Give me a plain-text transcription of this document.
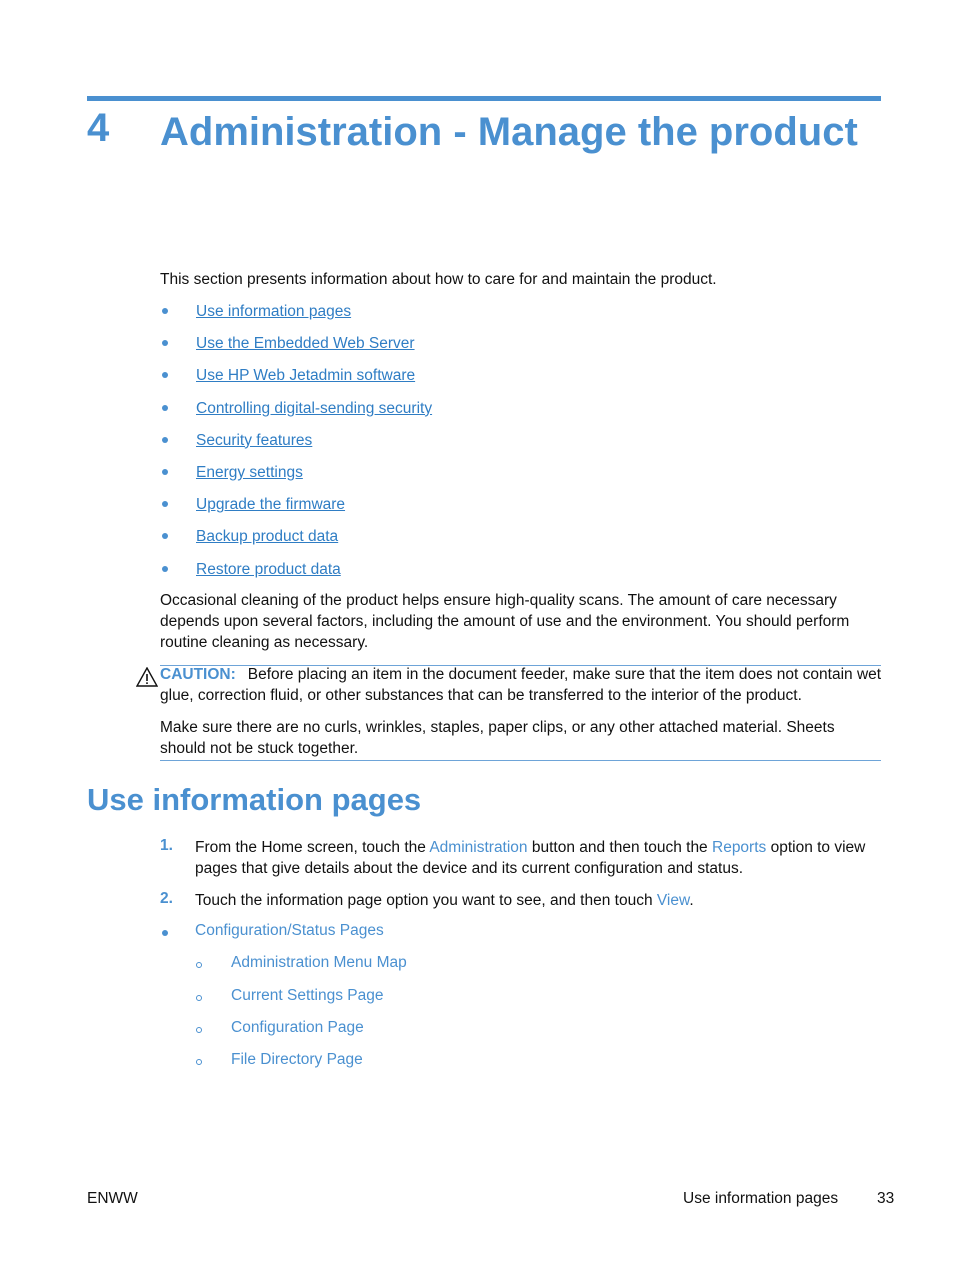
4 Administration - Manage the product

This section presents information about how to care for and maintain the product.

Use information pages
Use the Embedded Web Server
Use HP Web Jetadmin software
Controlling digital-sending security
Security features
Energy settings
Upgrade the firmware
Backup product data
Restore product data

Occasional cleaning of the product helps ensure high-quality scans. The amount of care necessary depends upon several factors, including the amount of use and the environment. You should perform routine cleaning as necessary.

CAUTION: Before placing an item in the document feeder, make sure that the item does not contain wet glue, correction fluid, or other substances that can be transferred to the interior of the product.

Make sure there are no curls, wrinkles, staples, paper clips, or any other attached material. Sheets should not be stuck together.

Use information pages
1. From the Home screen, touch the Administration button and then touch the Reports option to view pages that give details about the device and its current configuration and status.
2. Touch the information page option you want to see, and then touch View.
Configuration/Status Pages
Administration Menu Map
Current Settings Page
Configuration Page
File Directory Page
ENWW	Use information pages	33
